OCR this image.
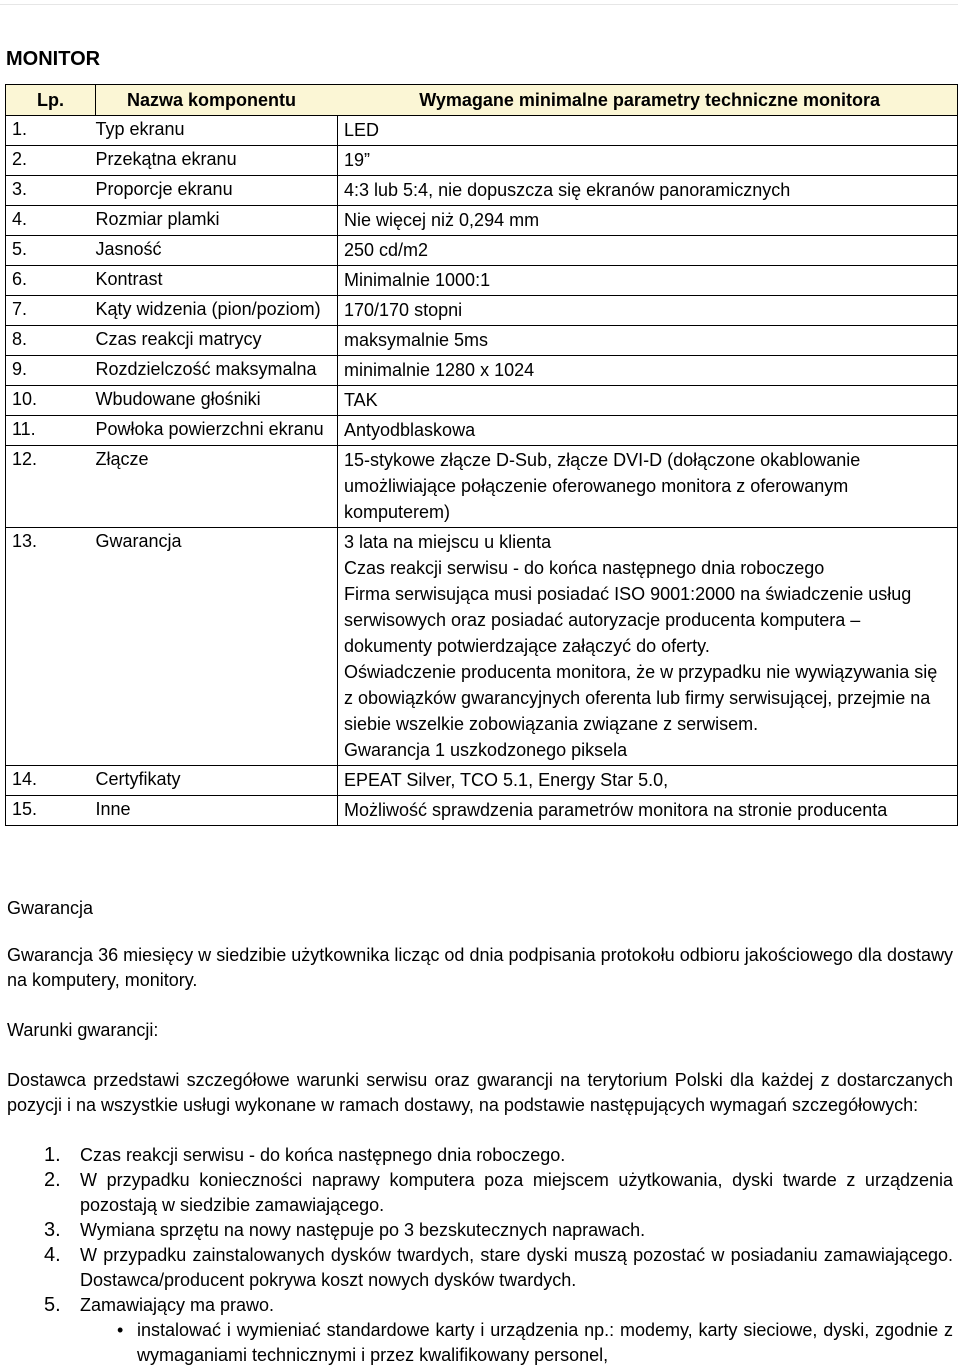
MONITOR
Lp.	Nazwa komponentu	Wymagane minimalne parametry techniczne monitora
1.	Typ ekranu	LED

2.	Przekątna ekranu	19”

3.	Proporcje ekranu	4:3 lub 5:4, nie dopuszcza się ekranów panoramicznych

4.	Rozmiar plamki	Nie więcej niż 0,294 mm

5.	Jasność	250 cd/m2

6.	Kontrast	Minimalnie 1000:1

7.	Kąty widzenia (pion/poziom)	170/170 stopni

8.	Czas reakcji matrycy	maksymalnie 5ms

9.	Rozdzielczość maksymalna	minimalnie 1280 x 1024

10.	Wbudowane głośniki	TAK

11.	Powłoka powierzchni ekranu	Antyodblaskowa

12.	Złącze	15-stykowe złącze D-Sub, złącze DVI-D (dołączone okablowanie umożliwiające połączenie oferowanego monitora z oferowanym komputerem)

13.	Gwarancja	3 lata na miejscu u klienta
Czas reakcji serwisu - do końca następnego dnia roboczego
Firma serwisująca musi posiadać ISO 9001:2000 na świadczenie usług serwisowych oraz posiadać autoryzacje producenta komputera – dokumenty potwierdzające załączyć do oferty.
Oświadczenie producenta monitora, że w przypadku nie wywiązywania się z obowiązków gwarancyjnych oferenta lub firmy serwisującej, przejmie na siebie wszelkie zobowiązania związane z serwisem.
Gwarancja 1 uszkodzonego piksela

14.	Certyfikaty	EPEAT Silver, TCO 5.1, Energy Star 5.0,

15.	Inne	Możliwość sprawdzenia parametrów monitora na stronie producenta
Gwarancja
Gwarancja 36 miesięcy w siedzibie użytkownika licząc od dnia podpisania protokołu odbioru jakościowego dla dostawy na komputery, monitory.
Warunki gwarancji:
Dostawca przedstawi szczegółowe warunki serwisu oraz gwarancji na terytorium Polski dla każdej z dostarczanych pozycji i na wszystkie usługi wykonane w ramach dostawy, na podstawie następujących wymagań szczegółowych:
1. Czas reakcji serwisu - do końca następnego dnia roboczego.
2. W przypadku konieczności naprawy komputera poza miejscem użytkowania, dyski twarde z urządzenia pozostają w siedzibie zamawiającego.
3. Wymiana sprzętu na nowy następuje po 3 bezskutecznych naprawach.
4. W przypadku zainstalowanych dysków twardych, stare dyski muszą pozostać w posiadaniu zamawiającego. Dostawca/producent pokrywa koszt nowych dysków twardych.
5. Zamawiający ma prawo.
• instalować i wymieniać standardowe karty i urządzenia np.: modemy, karty sieciowe, dyski, zgodnie z wymaganiami technicznymi i przez kwalifikowany personel,
